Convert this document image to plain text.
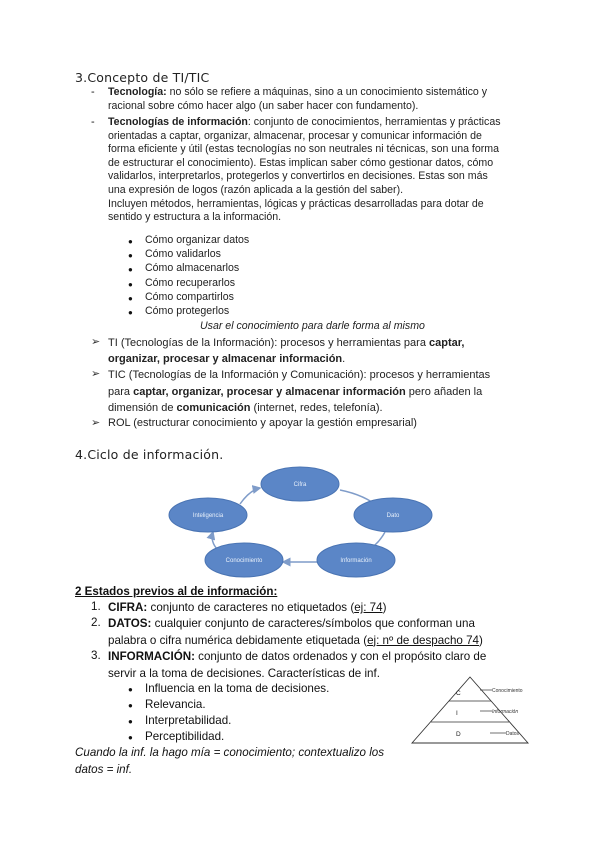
3.Concepto de TI/TIC
- Tecnología: no sólo se refiere a máquinas, sino a un conocimiento sistemático y
racional sobre cómo hacer algo (un saber hacer con fundamento).
- Tecnologías de información: conjunto de conocimientos, herramientas y prácticas
orientadas a captar, organizar, almacenar, procesar y comunicar información de
forma eficiente y útil (estas tecnologías no son neutrales ni técnicas, son una forma
de estructurar el conocimiento). Estas implican saber cómo gestionar datos, cómo
validarlos, interpretarlos, protegerlos y convertirlos en decisiones. Estas son más
una expresión de logos (razón aplicada a la gestión del saber).
Incluyen métodos, herramientas, lógicas y prácticas desarrolladas para dotar de
sentido y estructura a la información.
● Cómo organizar datos
● Cómo validarlos
● Cómo almacenarlos
● Cómo recuperarlos
● Cómo compartirlos
● Cómo protegerlos
Usar el conocimiento para darle forma al mismo
➢ TI (Tecnologías de la Información): procesos y herramientas para captar,
organizar, procesar y almacenar información.
➢ TIC (Tecnologías de la Información y Comunicación): procesos y herramientas
para captar, organizar, procesar y almacenar información pero añaden la
dimensión de comunicación (internet, redes, telefonía).
➢ ROL (estructurar conocimiento y apoyar la gestión empresarial)
4.Ciclo de información.
Cifra
Dato
Información
Conocimiento
Inteligencia
2 Estados previos al de información:
1. CIFRA: conjunto de caracteres no etiquetados (ej: 74)
2. DATOS: cualquier conjunto de caracteres/símbolos que conforman una
palabra o cifra numérica debidamente etiquetada (ej: nº de despacho 74)
3. INFORMACIÓN: conjunto de datos ordenados y con el propósito claro de
servir a la toma de decisiones. Características de inf.
● Influencia en la toma de decisiones.
● Relevancia.
● Interpretabilidad.
● Perceptibilidad.
Cuando la inf. la hago mía = conocimiento; contextualizo los
datos = inf.
C
I
D
Conocimiento
Información
Datos
